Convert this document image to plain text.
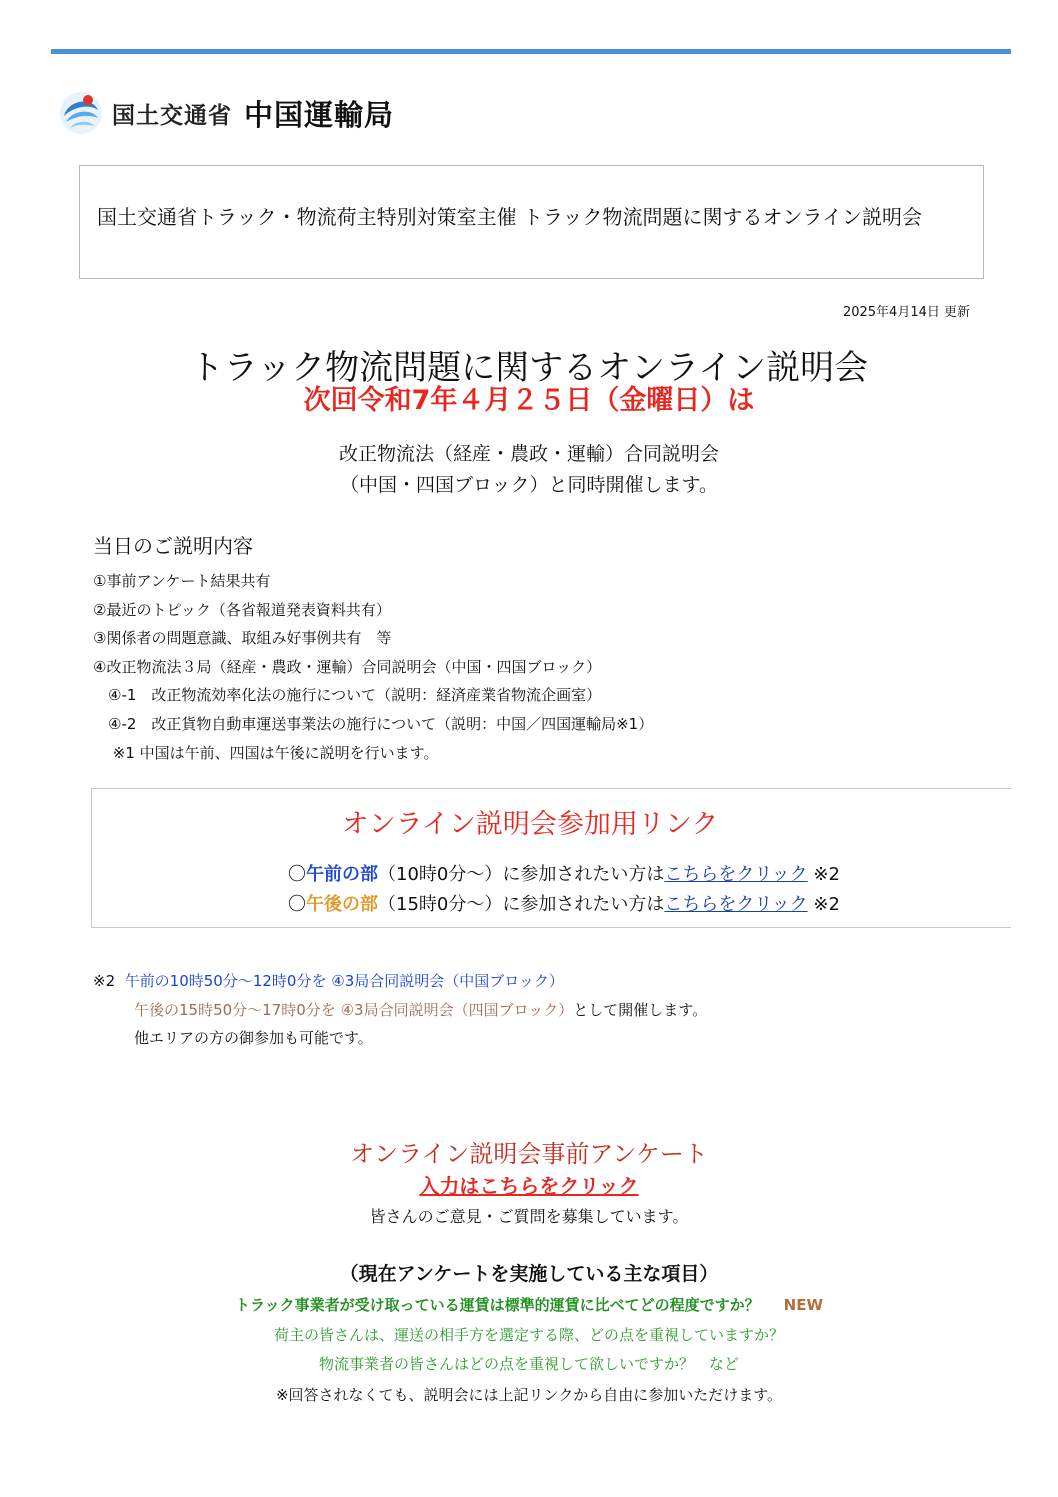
国土交通省 中国運輸局
国土交通省トラック・物流荷主特別対策室主催 トラック物流問題に関するオンライン説明会
2025年4月14日 更新
トラック物流問題に関するオンライン説明会
次回令和7年４月２５日（金曜日）は
改正物流法（経産・農政・運輸）合同説明会
（中国・四国ブロック）と同時開催します。
当日のご説明内容
①事前アンケート結果共有
②最近のトピック（各省報道発表資料共有）
③関係者の問題意識、取組み好事例共有　等
④改正物流法３局（経産・農政・運輸）合同説明会（中国・四国ブロック）
　④-1　改正物流効率化法の施行について（説明：経済産業省物流企画室）
　④-2　改正貨物自動車運送事業法の施行について（説明：中国／四国運輸局※1）
　 ※1 中国は午前、四国は午後に説明を行います。
オンライン説明会参加用リンク
〇午前の部（10時0分～）に参加されたい方はこちらをクリック ※2
〇午後の部（15時0分～）に参加されたい方はこちらをクリック ※2
※2 午前の10時50分～12時0分を ④3局合同説明会（中国ブロック）
午後の15時50分～17時0分を ④3局合同説明会（四国ブロック）として開催します。
他エリアの方の御参加も可能です。
オンライン説明会事前アンケート
入力はこちらをクリック
皆さんのご意見・ご質問を募集しています。
（現在アンケートを実施している主な項目）
トラック事業者が受け取っている運賃は標準的運賃に比べてどの程度ですか？ NEW
荷主の皆さんは、運送の相手方を選定する際、どの点を重視していますか？
物流事業者の皆さんはどの点を重視して欲しいですか？　など
※回答されなくても、説明会には上記リンクから自由に参加いただけます。
